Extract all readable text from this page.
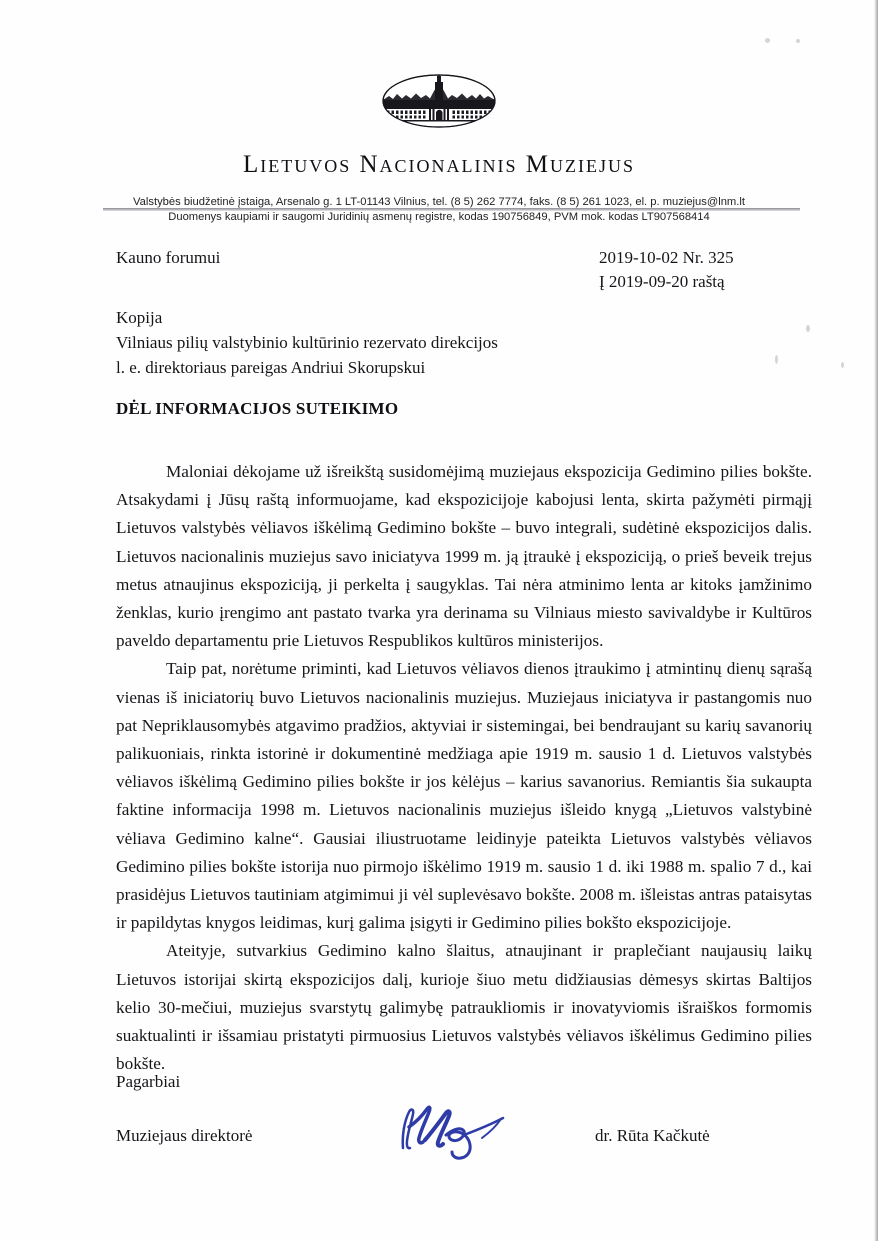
Lietuvos Nacionalinis Muziejus
Valstybės biudžetinė įstaiga, Arsenalo g. 1 LT-01143 Vilnius, tel. (8 5) 262 7774, faks. (8 5) 261 1023, el. p. muziejus@lnm.lt
Duomenys kaupiami ir saugomi Juridinių asmenų registre, kodas 190756849, PVM mok. kodas LT907568414
Kauno forumui	2019-10-02 Nr. 325
Į 2019-09-20 raštą
Kopija
Vilniaus pilių valstybinio kultūrinio rezervato direkcijos
l. e. direktoriaus pareigas Andriui Skorupskui
DĖL INFORMACIJOS SUTEIKIMO

Maloniai dėkojame už išreikštą susidomėjimą muziejaus ekspozicija Gedimino pilies bokšte. Atsakydami į Jūsų raštą informuojame, kad ekspozicijoje kabojusi lenta, skirta pažymėti pirmąjį Lietuvos valstybės vėliavos iškėlimą Gedimino bokšte – buvo integrali, sudėtinė ekspozicijos dalis. Lietuvos nacionalinis muziejus savo iniciatyva 1999 m. ją įtraukė į ekspoziciją, o prieš beveik trejus metus atnaujinus ekspoziciją, ji perkelta į saugyklas. Tai nėra atminimo lenta ar kitoks įamžinimo ženklas, kurio įrengimo ant pastato tvarka yra derinama su Vilniaus miesto savivaldybe ir Kultūros paveldo departamentu prie Lietuvos Respublikos kultūros ministerijos.

Taip pat, norėtume priminti, kad Lietuvos vėliavos dienos įtraukimo į atmintinų dienų sąrašą vienas iš iniciatorių buvo Lietuvos nacionalinis muziejus. Muziejaus iniciatyva ir pastangomis nuo pat Nepriklausomybės atgavimo pradžios, aktyviai ir sistemingai, bei bendraujant su karių savanorių palikuoniais, rinkta istorinė ir dokumentinė medžiaga apie 1919 m. sausio 1 d. Lietuvos valstybės vėliavos iškėlimą Gedimino pilies bokšte ir jos kėlėjus – karius savanorius. Remiantis šia sukaupta faktine informacija 1998 m. Lietuvos nacionalinis muziejus išleido knygą „Lietuvos valstybinė vėliava Gedimino kalne“. Gausiai iliustruotame leidinyje pateikta Lietuvos valstybės vėliavos Gedimino pilies bokšte istorija nuo pirmojo iškėlimo 1919 m. sausio 1 d. iki 1988 m. spalio 7 d., kai prasidėjus Lietuvos tautiniam atgimimui ji vėl suplevėsavo bokšte. 2008 m. išleistas antras pataisytas ir papildytas knygos leidimas, kurį galima įsigyti ir Gedimino pilies bokšto ekspozicijoje.

Ateityje, sutvarkius Gedimino kalno šlaitus, atnaujinant ir praplečiant naujausių laikų Lietuvos istorijai skirtą ekspozicijos dalį, kurioje šiuo metu didžiausias dėmesys skirtas Baltijos kelio 30-mečiui, muziejus svarstytų galimybę patraukliomis ir inovatyviomis išraiškos formomis suaktualinti ir išsamiau pristatyti pirmuosius Lietuvos valstybės vėliavos iškėlimus Gedimino pilies bokšte.

Pagarbiai
Muziejaus direktorė	dr. Rūta Kačkutė
